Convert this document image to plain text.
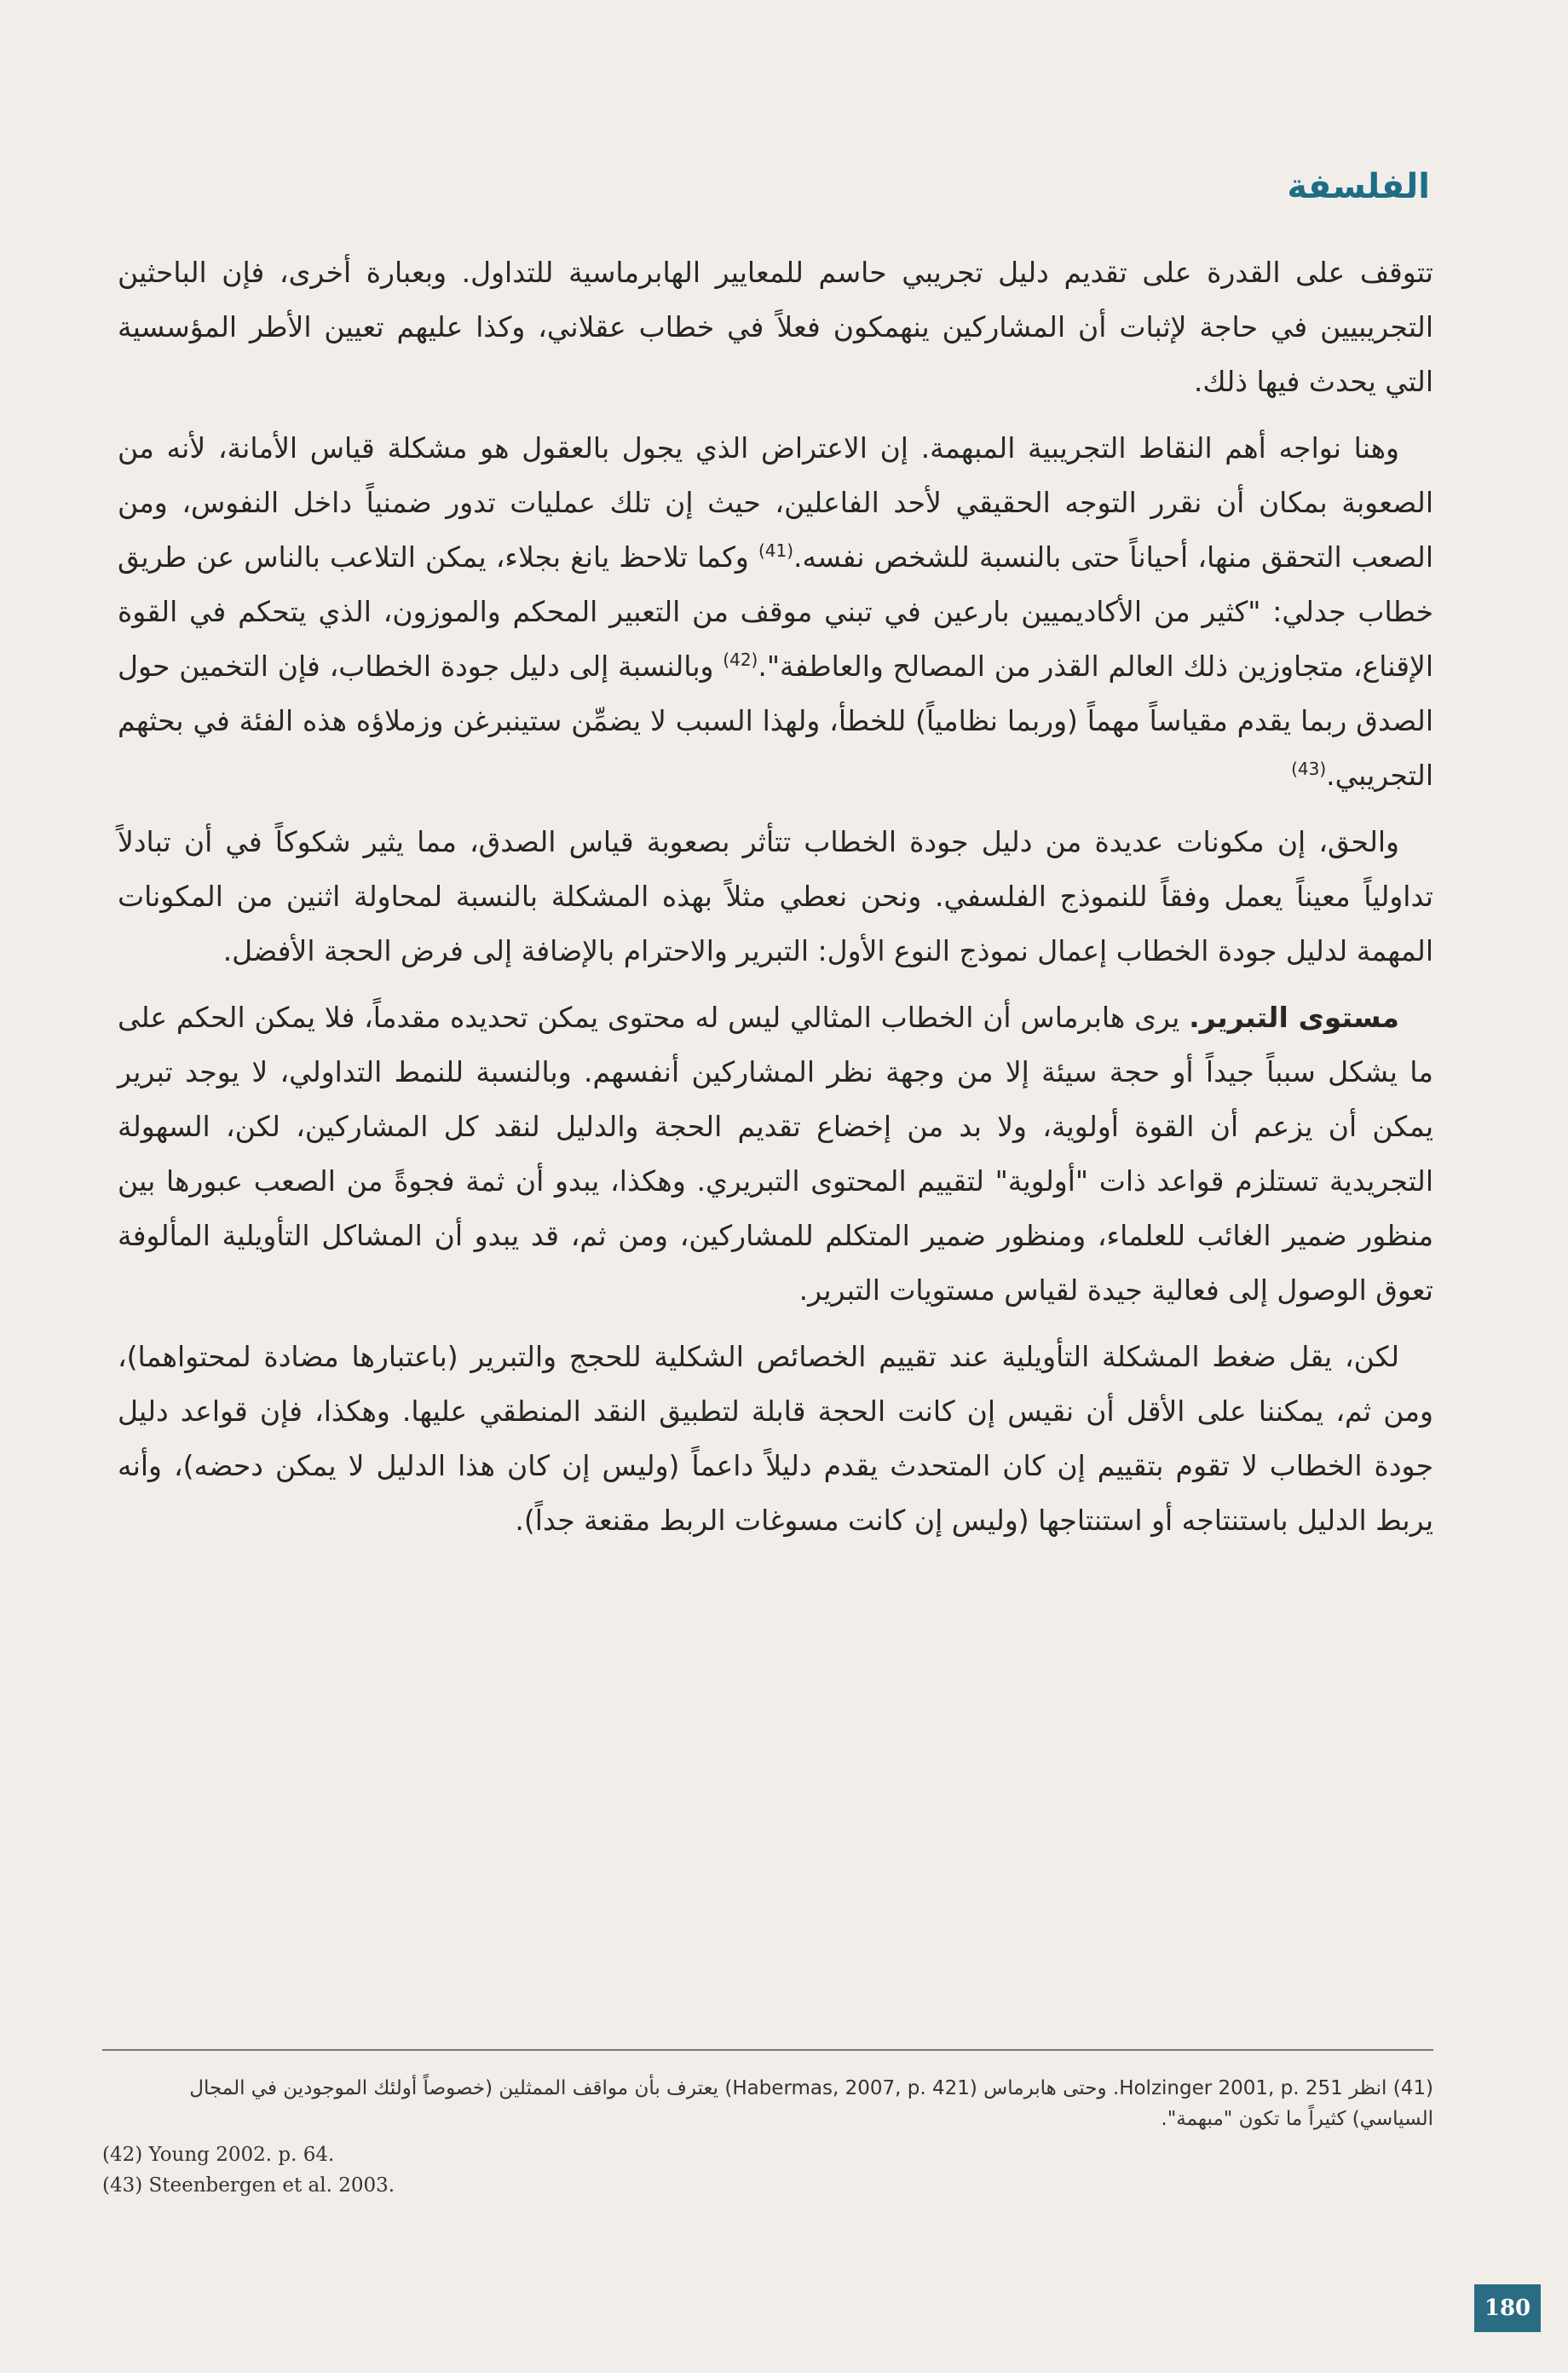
الفلسفة

تتوقف على القدرة على تقديم دليل تجريبي حاسم للمعايير الهابرماسية للتداول. وبعبارة أخرى، فإن الباحثين التجريبيين في حاجة لإثبات أن المشاركين ينهمكون فعلاً في خطاب عقلاني، وكذا عليهم تعيين الأطر المؤسسية التي يحدث فيها ذلك.

وهنا نواجه أهم النقاط التجريبية المبهمة. إن الاعتراض الذي يجول بالعقول هو مشكلة قياس الأمانة، لأنه من الصعوبة بمكان أن نقرر التوجه الحقيقي لأحد الفاعلين، حيث إن تلك عمليات تدور ضمنياً داخل النفوس، ومن الصعب التحقق منها، أحياناً حتى بالنسبة للشخص نفسه.$^{(41)}$ وكما تلاحظ يانغ بجلاء، يمكن التلاعب بالناس عن طريق خطاب جدلي: "كثير من الأكاديميين بارعين في تبني موقف من التعبير المحكم والموزون، الذي يتحكم في القوة الإقناع، متجاوزين ذلك العالم القذر من المصالح والعاطفة".$^{(42)}$ وبالنسبة إلى دليل جودة الخطاب، فإن التخمين حول الصدق ربما يقدم مقياساً مهماً (وربما نظامياً) للخطأ، ولهذا السبب لا يضمِّن ستينبرغن وزملاؤه هذه الفئة في بحثهم التجريبي.$^{(43)}$

والحق، إن مكونات عديدة من دليل جودة الخطاب تتأثر بصعوبة قياس الصدق، مما يثير شكوكاً في أن تبادلاً تداولياً معيناً يعمل وفقاً للنموذج الفلسفي. ونحن نعطي مثلاً بهذه المشكلة بالنسبة لمحاولة اثنين من المكونات المهمة لدليل جودة الخطاب إعمال نموذج النوع الأول: التبرير والاحترام بالإضافة إلى فرض الحجة الأفضل.

مستوى التبرير. يرى هابرماس أن الخطاب المثالي ليس له محتوى يمكن تحديده مقدماً، فلا يمكن الحكم على ما يشكل سبباً جيداً أو حجة سيئة إلا من وجهة نظر المشاركين أنفسهم. وبالنسبة للنمط التداولي، لا يوجد تبرير يمكن أن يزعم أن القوة أولوية، ولا بد من إخضاع تقديم الحجة والدليل لنقد كل المشاركين، لكن، السهولة التجريدية تستلزم قواعد ذات "أولوية" لتقييم المحتوى التبريري. وهكذا، يبدو أن ثمة فجوةً من الصعب عبورها بين منظور ضمير الغائب للعلماء، ومنظور ضمير المتكلم للمشاركين، ومن ثم، قد يبدو أن المشاكل التأويلية المألوفة تعوق الوصول إلى فعالية جيدة لقياس مستويات التبرير.

لكن، يقل ضغط المشكلة التأويلية عند تقييم الخصائص الشكلية للحجج والتبرير (باعتبارها مضادة لمحتواهما)، ومن ثم، يمكننا على الأقل أن نقيس إن كانت الحجة قابلة لتطبيق النقد المنطقي عليها. وهكذا، فإن قواعد دليل جودة الخطاب لا تقوم بتقييم إن كان المتحدث يقدم دليلاً داعماً (وليس إن كان هذا الدليل لا يمكن دحضه)، وأنه يربط الدليل باستنتاجه أو استنتاجها (وليس إن كانت مسوغات الربط مقنعة جداً).

(41) انظر Holzinger 2001, p. 251. وحتى هابرماس (Habermas, 2007, p. 421) يعترف بأن مواقف الممثلين (خصوصاً أولئك الموجودين في المجال السياسي) كثيراً ما تكون "مبهمة".

(42) Young 2002. p. 64.

(43) Steenbergen et al. 2003.

180
